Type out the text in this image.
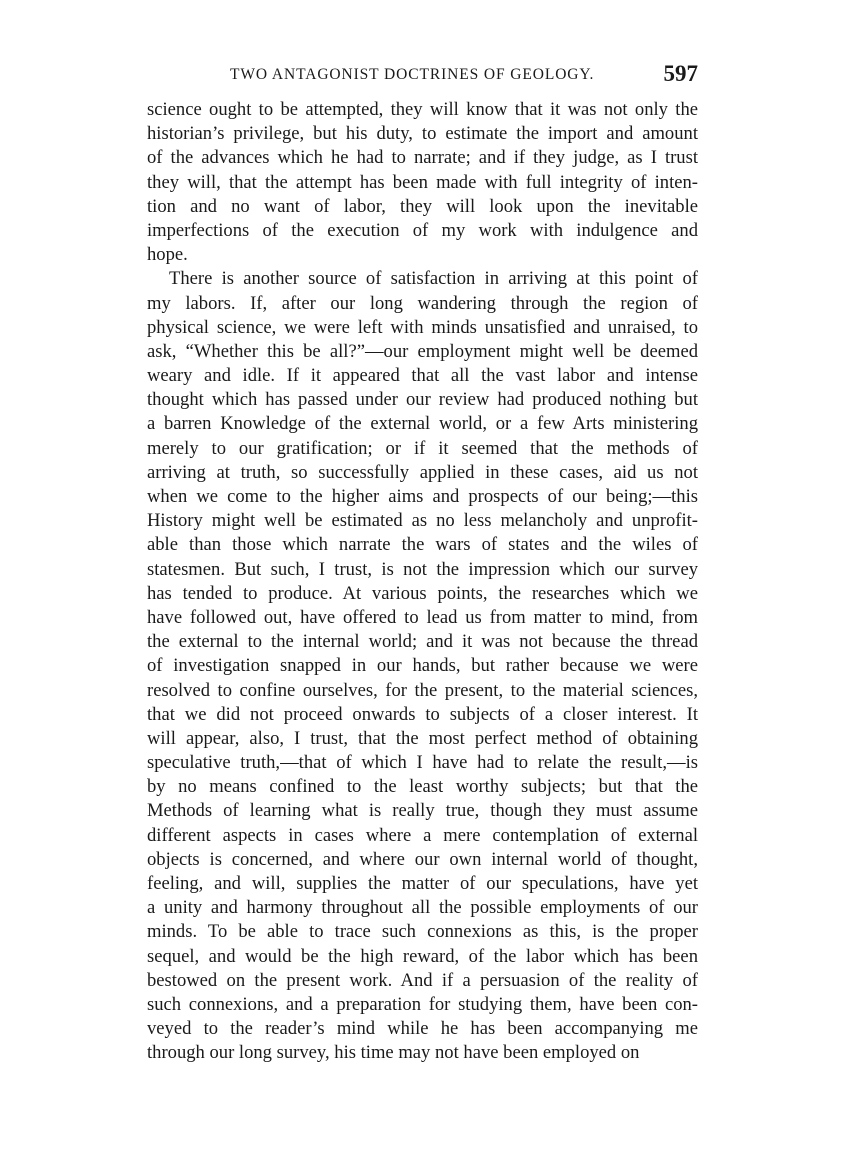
TWO ANTAGONIST DOCTRINES OF GEOLOGY.	597
science ought to be attempted, they will know that it was not only the
historian’s privilege, but his duty, to estimate the import and amount
of the advances which he had to narrate; and if they judge, as I trust
they will, that the attempt has been made with full integrity of inten-
tion and no want of labor, they will look upon the inevitable
imperfections of the execution of my work with indulgence and
hope.
There is another source of satisfaction in arriving at this point of
my labors. If, after our long wandering through the region of
physical science, we were left with minds unsatisfied and unraised, to
ask, “Whether this be all?”—our employment might well be deemed
weary and idle. If it appeared that all the vast labor and intense
thought which has passed under our review had produced nothing but
a barren Knowledge of the external world, or a few Arts ministering
merely to our gratification; or if it seemed that the methods of
arriving at truth, so successfully applied in these cases, aid us not
when we come to the higher aims and prospects of our being;—this
History might well be estimated as no less melancholy and unprofit-
able than those which narrate the wars of states and the wiles of
statesmen. But such, I trust, is not the impression which our survey
has tended to produce. At various points, the researches which we
have followed out, have offered to lead us from matter to mind, from
the external to the internal world; and it was not because the thread
of investigation snapped in our hands, but rather because we were
resolved to confine ourselves, for the present, to the material sciences,
that we did not proceed onwards to subjects of a closer interest. It
will appear, also, I trust, that the most perfect method of obtaining
speculative truth,—that of which I have had to relate the result,—is
by no means confined to the least worthy subjects; but that the
Methods of learning what is really true, though they must assume
different aspects in cases where a mere contemplation of external
objects is concerned, and where our own internal world of thought,
feeling, and will, supplies the matter of our speculations, have yet
a unity and harmony throughout all the possible employments of our
minds. To be able to trace such connexions as this, is the proper
sequel, and would be the high reward, of the labor which has been
bestowed on the present work. And if a persuasion of the reality of
such connexions, and a preparation for studying them, have been con-
veyed to the reader’s mind while he has been accompanying me
through our long survey, his time may not have been employed on
